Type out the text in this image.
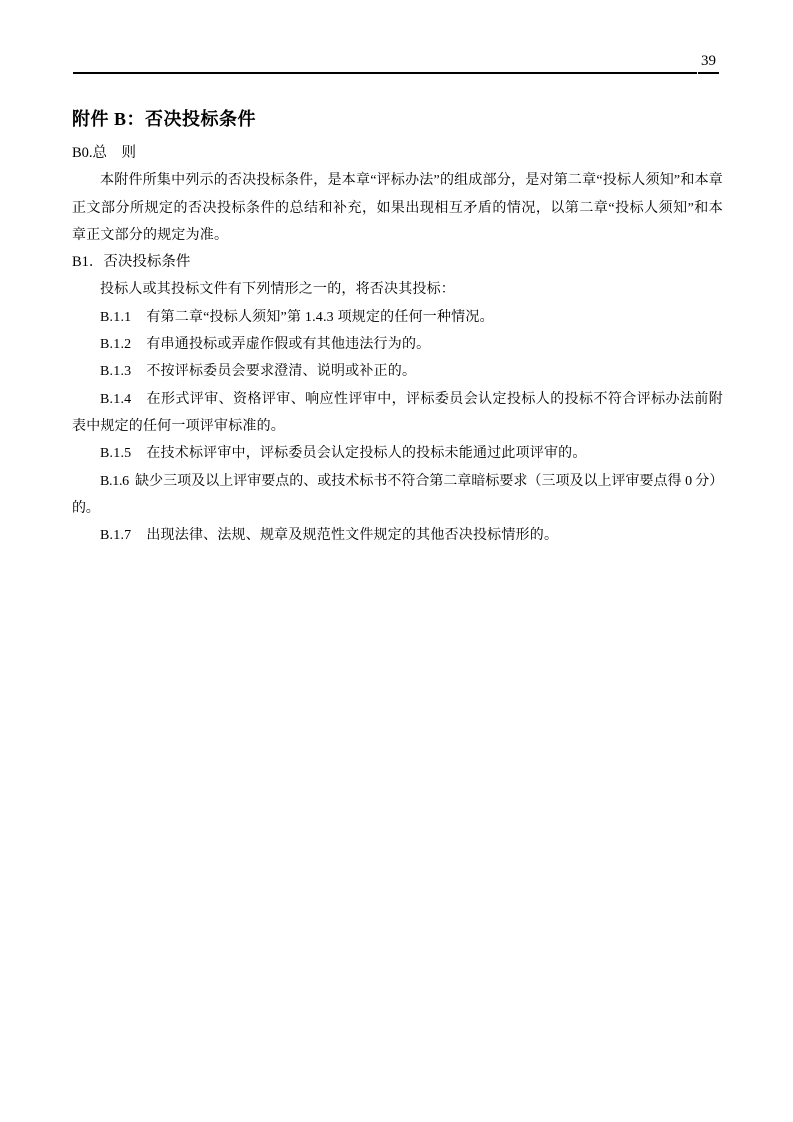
39
附件 B：否决投标条件
B0.总　则

本附件所集中列示的否决投标条件，是本章“评标办法”的组成部分，是对第二章“投标人须知”和本章正文部分所规定的否决投标条件的总结和补充，如果出现相互矛盾的情况，以第二章“投标人须知”和本章正文部分的规定为准。

B1．否决投标条件

投标人或其投标文件有下列情形之一的，将否决其投标：

B.1.1 有第二章“投标人须知”第 1.4.3 项规定的任何一种情况。

B.1.2 有串通投标或弄虚作假或有其他违法行为的。

B.1.3 不按评标委员会要求澄清、说明或补正的。

B.1.4 在形式评审、资格评审、响应性评审中，评标委员会认定投标人的投标不符合评标办法前附表中规定的任何一项评审标准的。

B.1.5 在技术标评审中，评标委员会认定投标人的投标未能通过此项评审的。

B.1.6 缺少三项及以上评审要点的、或技术标书不符合第二章暗标要求（三项及以上评审要点得 0 分）的。

B.1.7 出现法律、法规、规章及规范性文件规定的其他否决投标情形的。
